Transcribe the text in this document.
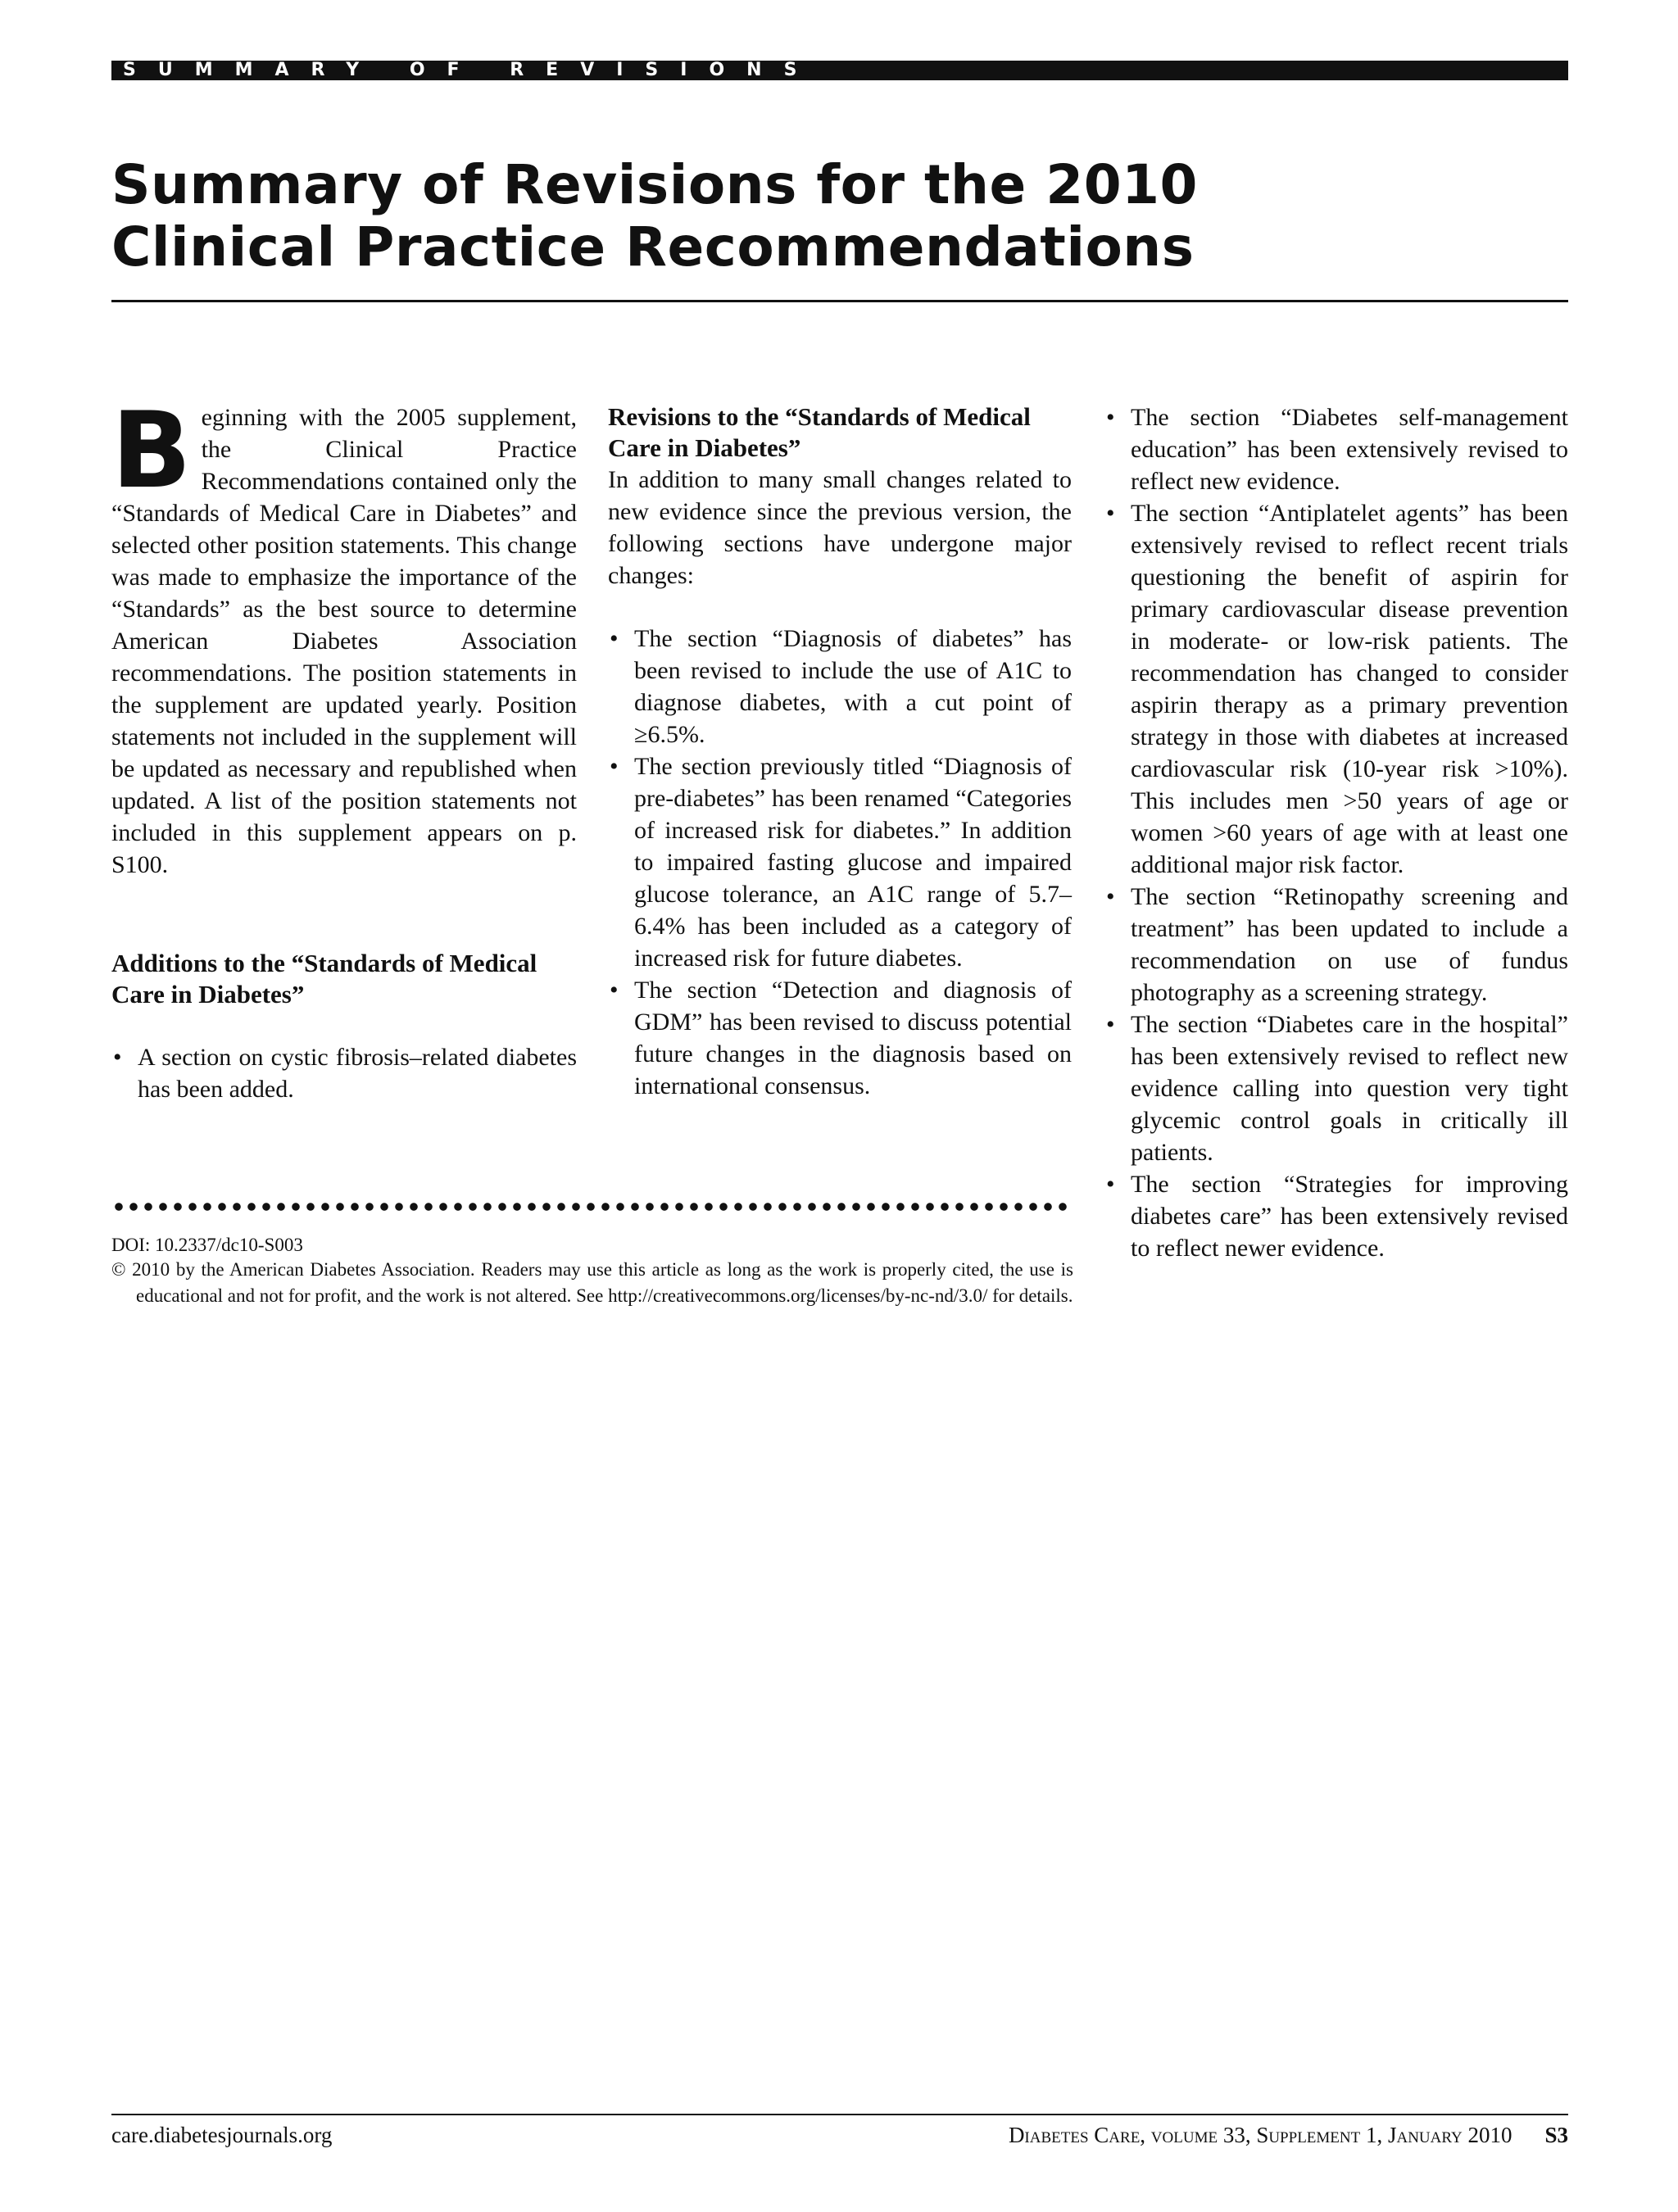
SUMMARY OF REVISIONS
Summary of Revisions for the 2010
Clinical Practice Recommendations

B eginning with the 2005 supplement, the Clinical Practice Recommendations contained only the “Standards of Medical Care in Diabetes” and selected other position statements. This change was made to emphasize the importance of the “Standards” as the best source to determine American Diabetes Association recommendations. The position statements in the supplement are updated yearly. Position statements not included in the supplement will be updated as necessary and republished when updated. A list of the position statements not included in this supplement appears on p. S100.

Additions to the “Standards of Medical Care in Diabetes”
• A section on cystic fibrosis–related diabetes has been added.
Revisions to the “Standards of Medical Care in Diabetes”

In addition to many small changes related to new evidence since the previous version, the following sections have undergone major changes:

• The section “Diagnosis of diabetes” has been revised to include the use of A1C to diagnose diabetes, with a cut point of ≥6.5%.
• The section previously titled “Diagnosis of pre-diabetes” has been renamed “Categories of increased risk for diabetes.” In addition to impaired fasting glucose and impaired glucose tolerance, an A1C range of 5.7–6.4% has been included as a category of increased risk for future diabetes.
• The section “Detection and diagnosis of GDM” has been revised to discuss potential future changes in the diagnosis based on international consensus.
• The section “Diabetes self-management education” has been extensively revised to reflect new evidence.
• The section “Antiplatelet agents” has been extensively revised to reflect recent trials questioning the benefit of aspirin for primary cardiovascular disease prevention in moderate- or low-risk patients. The recommendation has changed to consider aspirin therapy as a primary prevention strategy in those with diabetes at increased cardiovascular risk (10-year risk >10%). This includes men >50 years of age or women >60 years of age with at least one additional major risk factor.
• The section “Retinopathy screening and treatment” has been updated to include a recommendation on use of fundus photography as a screening strategy.
• The section “Diabetes care in the hospital” has been extensively revised to reflect new evidence calling into question very tight glycemic control goals in critically ill patients.
• The section “Strategies for improving diabetes care” has been extensively revised to reflect newer evidence.
DOI: 10.2337/dc10-S003
© 2010 by the American Diabetes Association. Readers may use this article as long as the work is properly cited, the use is educational and not for profit, and the work is not altered. See http://creativecommons.org/licenses/by-nc-nd/3.0/ for details.
care.diabetesjournals.org	Diabetes Care, volume 33, Supplement 1, January 2010 S3
